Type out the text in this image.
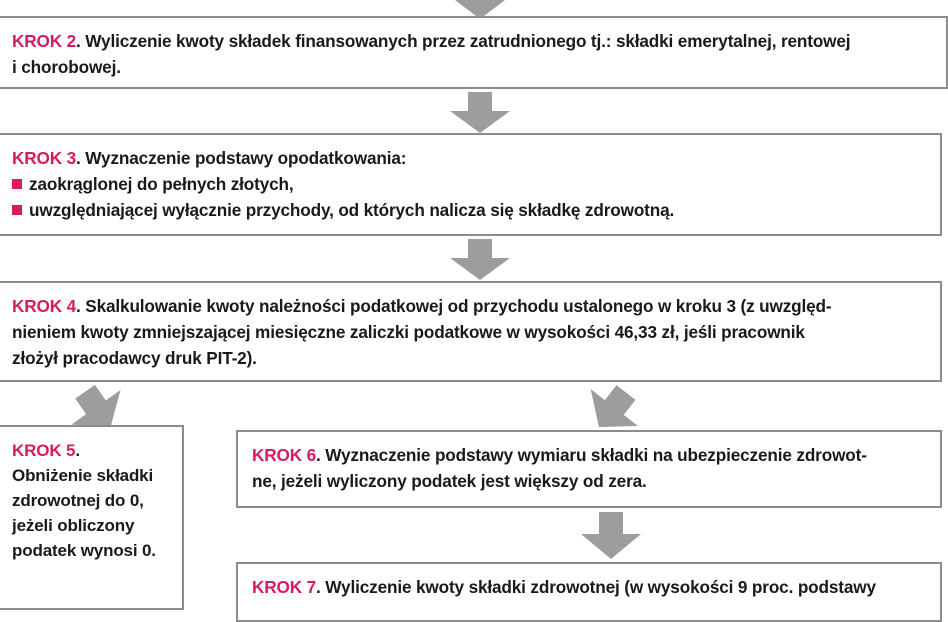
KROK 2. Wyliczenie kwoty składek finansowanych przez zatrudnionego tj.: składki emerytalnej, rentowej
i chorobowej.
KROK 3. Wyznaczenie podstawy opodatkowania:
zaokrąglonej do pełnych złotych,
uwzględniającej wyłącznie przychody, od których nalicza się składkę zdrowotną.
KROK 4. Skalkulowanie kwoty należności podatkowej od przychodu ustalonego w kroku 3 (z uwzględ-
nieniem kwoty zmniejszającej miesięczne zaliczki podatkowe w wysokości 46,33 zł, jeśli pracownik
złożył pracodawcy druk PIT-2).
KROK 5.
Obniżenie składki
zdrowotnej do 0,
jeżeli obliczony
podatek wynosi 0.
KROK 6. Wyznaczenie podstawy wymiaru składki na ubezpieczenie zdrowot-
ne, jeżeli wyliczony podatek jest większy od zera.
KROK 7. Wyliczenie kwoty składki zdrowotnej (w wysokości 9 proc. podstawy
